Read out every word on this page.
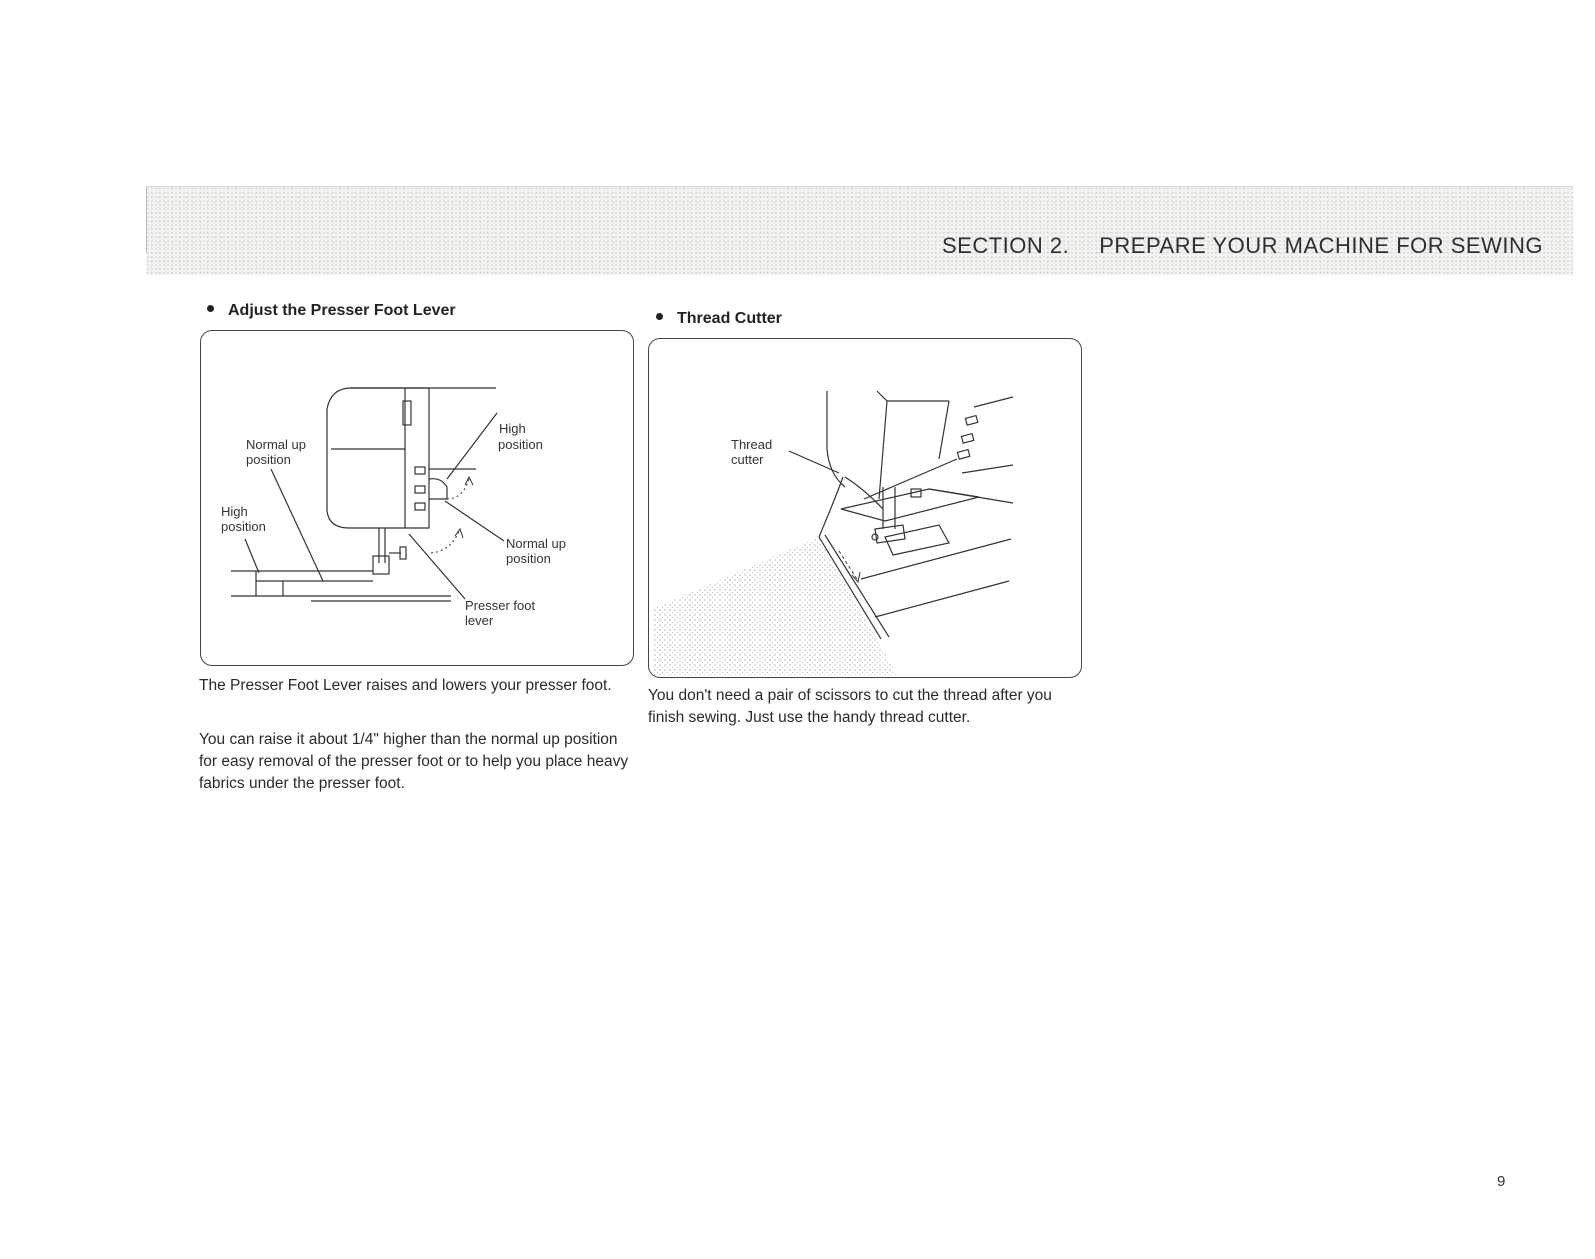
SECTION 2. PREPARE YOUR MACHINE FOR SEWING
Adjust the Presser Foot Lever
Normal up
position
High
position
High
position
Normal up
position
Presser foot
lever

The Presser Foot Lever raises and lowers your presser foot.

You can raise it about 1/4" higher than the normal up position for easy removal of the presser foot or to help you place heavy fabrics under the presser foot.

Thread Cutter
Thread
cutter

You don't need a pair of scissors to cut the thread after you finish sewing. Just use the handy thread cutter.

9
